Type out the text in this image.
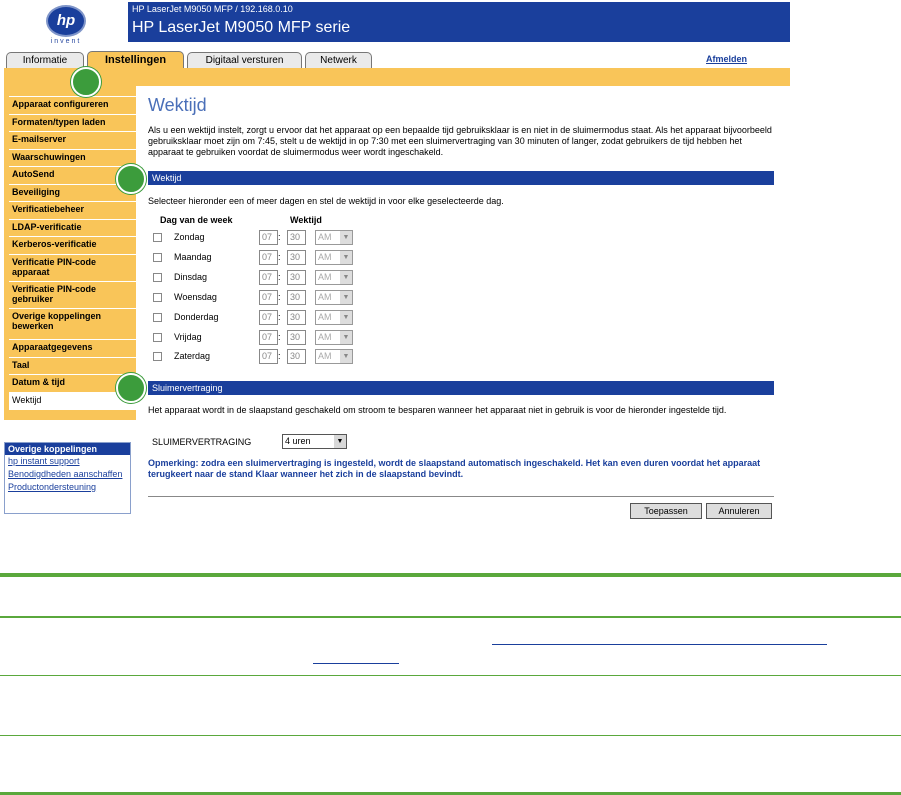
hp
invent
HP LaserJet M9050 MFP / 192.168.0.10
HP LaserJet M9050 MFP serie
Informatie	Instellingen	Digitaal versturen	Netwerk	Afmelden
Apparaat configureren
Formaten/typen laden
E-mailserver
Waarschuwingen
AutoSend
Beveiliging
Verificatiebeheer
LDAP-verificatie
Kerberos-verificatie
Verificatie PIN-code apparaat
Verificatie PIN-code gebruiker
Overige koppelingen bewerken
Apparaatgegevens
Taal
Datum & tijd
Wektijd
Overige koppelingen
hp instant support
Benodigdheden aanschaffen
Productondersteuning
Wektijd
Als u een wektijd instelt, zorgt u ervoor dat het apparaat op een bepaalde tijd gebruiksklaar is en niet in de sluimermodus staat. Als het apparaat bijvoorbeeld gebruiksklaar moet zijn om 7:45, stelt u de wektijd in op 7:30 met een sluimervertraging van 30 minuten of langer, zodat gebruikers de tijd hebben het apparaat te gebruiken voordat de sluimermodus weer wordt ingeschakeld.
Wektijd
Selecteer hieronder een of meer dagen en stel de wektijd in voor elke geselecteerde dag.
Dag van de week	Wektijd
Zondag	07 :	30	AM	▼
Maandag	07 :	30	AM	▼
Dinsdag	07 :	30	AM	▼
Woensdag	07 :	30	AM	▼
Donderdag	07 :	30	AM	▼
Vrijdag	07 :	30	AM	▼
Zaterdag	07 :	30	AM	▼
Sluimervertraging
Het apparaat wordt in de slaapstand geschakeld om stroom te besparen wanneer het apparaat niet in gebruik is voor de hieronder ingestelde tijd.
SLUIMERVERTRAGING	4 uren	▼
Opmerking: zodra een sluimervertraging is ingesteld, wordt de slaapstand automatisch ingeschakeld. Het kan even duren voordat het apparaat terugkeert naar de stand Klaar wanneer het zich in de slaapstand bevindt.
Toepassen	Annuleren
